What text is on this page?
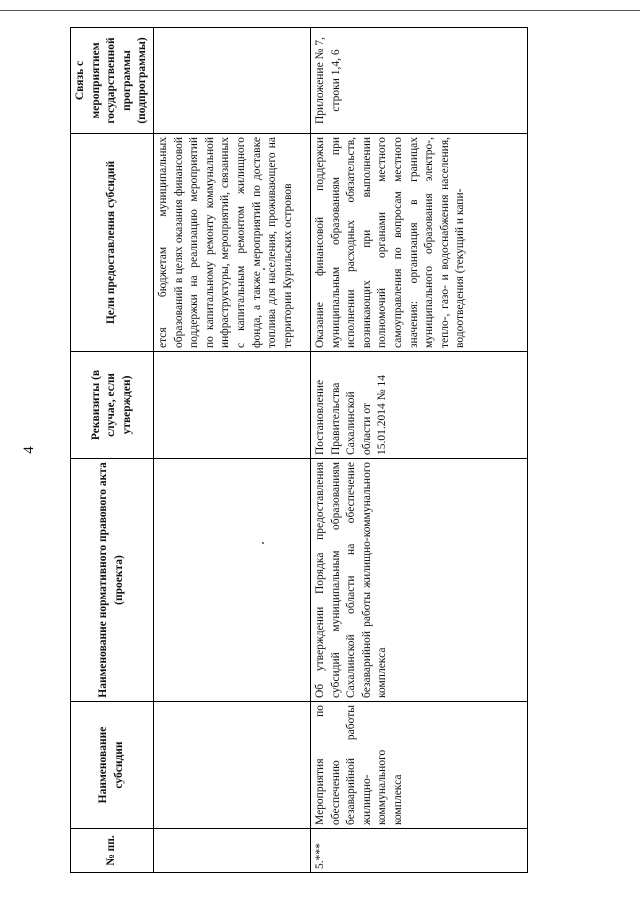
4
№ пп.	Наименование субсидии	Наименование нормативного правового акта (проекта)	Реквизиты (в случае, если утвержден)	Цели предоставления субсидий	Связь с мероприятием государственной программы (подпрограммы)
				ется бюджетам муниципальных образований в целях оказания финансовой поддержки на реализацию мероприятий по капитальному ремонту коммунальной инфраструктуры, мероприятий, связанных с капитальным ремонтом жилищного фонда, а также мероприятий по доставке топлива для населения, проживающего на территории Курильских островов	
5.***	Мероприятия по обеспечению безаварийной работы жилищно-коммунального комплекса	Об утверждении Порядка предоставления субсидий муниципальным образованиям Сахалинской области на обеспечение безаварийной работы жилищно-коммунального комплекса	Постановление Правительства Сахалинской области от 15.01.2014 № 14	Оказание финансовой поддержки муниципальным образованиям при исполнении расходных обязательств, возникающих при выполнении полномочий органами местного самоуправления по вопросам местного значения: организация в границах муниципального образования электро-, тепло-, газо- и водоснабжения населения, водоотведения (текущий и капи-	Приложение № 7, строки 1,4, 6
